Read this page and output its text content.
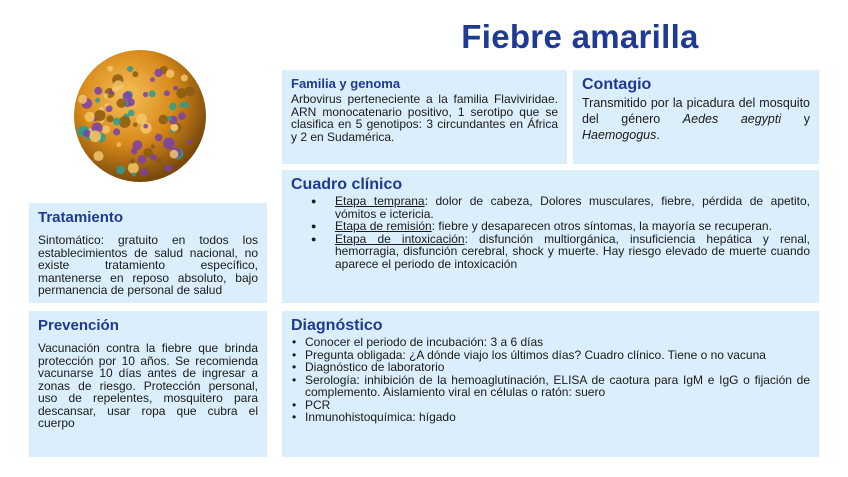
Fiebre amarilla
Familia y genoma

Arbovirus perteneciente a la familia Flaviviridae. ARN monocatenario positivo, 1 serotipo que se clasifica en 5 genotipos: 3 circundantes en África y 2 en Sudamérica.

Contagio

Transmitido por la picadura del mosquito del género Aedes aegypti y Haemogogus.

Cuadro clínico
● Etapa temprana: dolor de cabeza, Dolores musculares, fiebre, pérdida de apetito, vómitos e ictericia.
● Etapa de remisión: fiebre y desaparecen otros síntomas, la mayoría se recuperan.
● Etapa de intoxicación: disfunción multiorgánica, insuficiencia hepática y renal, hemorragia, disfunción cerebral, shock y muerte. Hay riesgo elevado de muerte cuando aparece el periodo de intoxicación
Tratamiento

Sintomático: gratuito en todos los establecimientos de salud nacional, no existe tratamiento específico, mantenerse en reposo absoluto, bajo permanencia de personal de salud

Prevención

Vacunación contra la fiebre que brinda protección por 10 años. Se recomienda vacunarse 10 días antes de ingresar a zonas de riesgo. Protección personal, uso de repelentes, mosquitero para descansar, usar ropa que cubra el cuerpo

Diagnóstico
• Conocer el periodo de incubación: 3 a 6 días
• Pregunta obligada: ¿A dónde viajo los últimos días? Cuadro clínico. Tiene o no vacuna
• Diagnóstico de laboratorio
• Serología: inhibición de la hemoaglutinación, ELISA de caotura para IgM e IgG o fijación de complemento. Aislamiento viral en células o ratón: suero
• PCR
• Inmunohistoquímica: hígado
